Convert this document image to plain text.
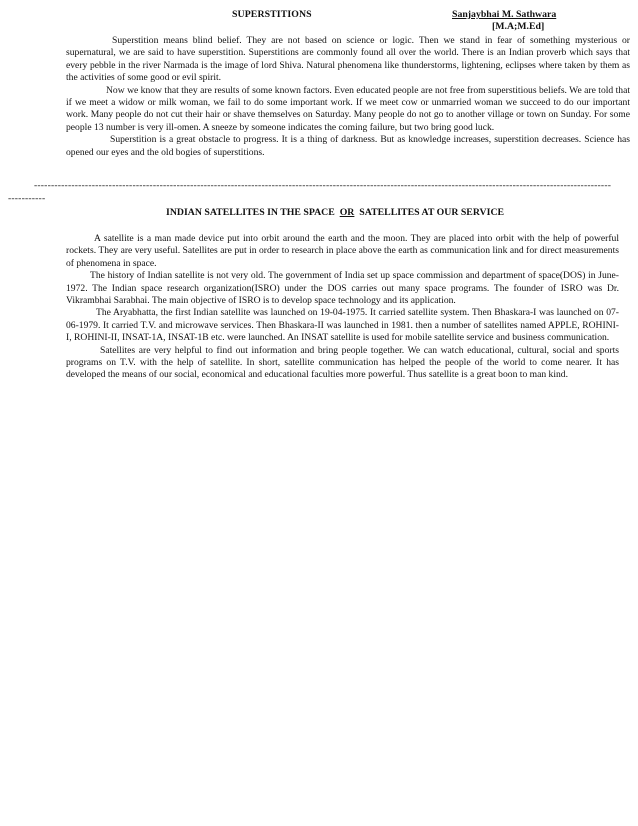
SUPERSTITIONS	Sanjaybhai M. Sathwara
[M.A;M.Ed]

Superstition means blind belief. They are not based on science or logic. Then we stand in fear of something mysterious or supernatural, we are said to have superstition. Superstitions are commonly found all over the world. There is an Indian proverb which says that every pebble in the river Narmada is the image of lord Shiva. Natural phenomena like thunderstorms, lightening, eclipses where taken by them as the activities of some good or evil spirit.

Now we know that they are results of some known factors. Even educated people are not free from superstitious beliefs. We are told that if we meet a widow or milk woman, we fail to do some important work. If we meet cow or unmarried woman we succeed to do our important work. Many people do not cut their hair or shave themselves on Saturday. Many people do not go to another village or town on Sunday. For some people 13 number is very ill-omen. A sneeze by someone indicates the coming failure, but two bring good luck.

Superstition is a great obstacle to progress. It is a thing of darkness. But as knowledge increases, superstition decreases. Science has opened our eyes and the old bogies of superstitions.

--------------------------------------------------------------------------------------------------------------------------------------------------------------------------
-----------
INDIAN SATELLITES IN THE SPACE OR SATELLITES AT OUR SERVICE

A satellite is a man made device put into orbit around the earth and the moon. They are placed into orbit with the help of powerful rockets. They are very useful. Satellites are put in order to research in place above the earth as communication link and for direct measurements of phenomena in space.

The history of Indian satellite is not very old. The government of India set up space commission and department of space(DOS) in June-1972. The Indian space research organization(ISRO) under the DOS carries out many space programs. The founder of ISRO was Dr. Vikrambhai Sarabhai. The main objective of ISRO is to develop space technology and its application.

The Aryabhatta, the first Indian satellite was launched on 19-04-1975. It carried satellite system. Then Bhaskara-I was launched on 07-06-1979. It carried T.V. and microwave services. Then Bhaskara-II was launched in 1981. then a number of satellites named APPLE, ROHINI-I, ROHINI-II, INSAT-1A, INSAT-1B etc. were launched. An INSAT satellite is used for mobile satellite service and business communication.

Satellites are very helpful to find out information and bring people together. We can watch educational, cultural, social and sports programs on T.V. with the help of satellite. In short, satellite communication has helped the people of the world to come nearer. It has developed the means of our social, economical and educational faculties more powerful. Thus satellite is a great boon to man kind.
